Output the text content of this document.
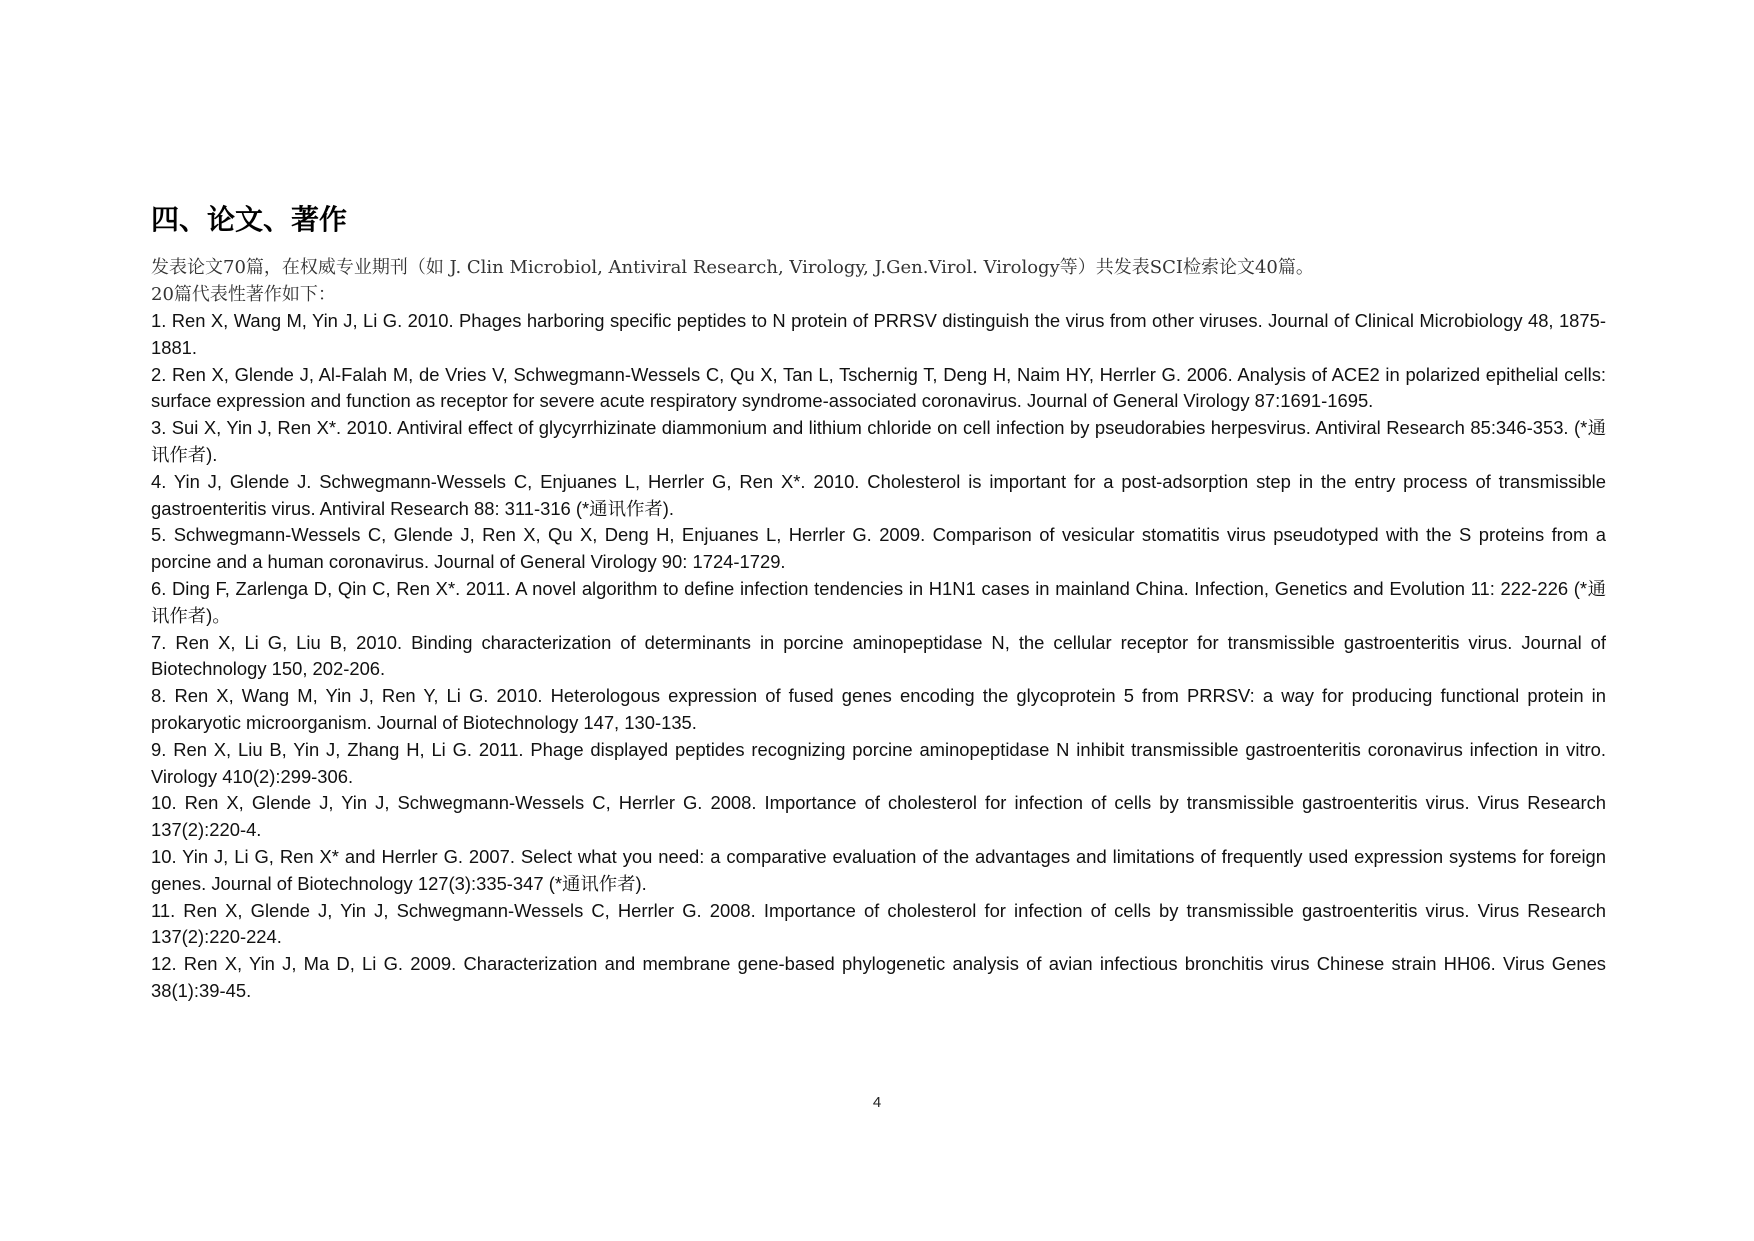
四、论文、著作

发表论文70篇，在权威专业期刊（如 J. Clin Microbiol, Antiviral Research, Virology, J.Gen.Virol. Virology等）共发表SCI检索论文40篇。
20篇代表性著作如下：

1. Ren X, Wang M, Yin J, Li G. 2010. Phages harboring specific peptides to N protein of PRRSV distinguish the virus from other viruses. Journal of Clinical Microbiology 48, 1875-1881.
2. Ren X, Glende J, Al-Falah M, de Vries V, Schwegmann-Wessels C, Qu X, Tan L, Tschernig T, Deng H, Naim HY, Herrler G. 2006. Analysis of ACE2 in polarized epithelial cells: surface expression and function as receptor for severe acute respiratory syndrome-associated coronavirus. Journal of General Virology 87:1691-1695.
3. Sui X, Yin J, Ren X*. 2010. Antiviral effect of glycyrrhizinate diammonium and lithium chloride on cell infection by pseudorabies herpesvirus. Antiviral Research 85:346-353. (*通讯作者).
4. Yin J, Glende J. Schwegmann-Wessels C, Enjuanes L, Herrler G, Ren X*. 2010. Cholesterol is important for a post-adsorption step in the entry process of transmissible gastroenteritis virus. Antiviral Research 88: 311-316 (*通讯作者).
5. Schwegmann-Wessels C, Glende J, Ren X, Qu X, Deng H, Enjuanes L, Herrler G. 2009. Comparison of vesicular stomatitis virus pseudotyped with the S proteins from a porcine and a human coronavirus. Journal of General Virology 90: 1724-1729.
6. Ding F, Zarlenga D, Qin C, Ren X*. 2011. A novel algorithm to define infection tendencies in H1N1 cases in mainland China. Infection, Genetics and Evolution 11: 222-226 (*通讯作者)。
7. Ren X, Li G, Liu B, 2010. Binding characterization of determinants in porcine aminopeptidase N, the cellular receptor for transmissible gastroenteritis virus. Journal of Biotechnology 150, 202-206.
8. Ren X, Wang M, Yin J, Ren Y, Li G. 2010. Heterologous expression of fused genes encoding the glycoprotein 5 from PRRSV: a way for producing functional protein in prokaryotic microorganism. Journal of Biotechnology 147, 130-135.
9. Ren X, Liu B, Yin J, Zhang H, Li G. 2011. Phage displayed peptides recognizing porcine aminopeptidase N inhibit transmissible gastroenteritis coronavirus infection in vitro. Virology 410(2):299-306.
10. Ren X, Glende J, Yin J, Schwegmann-Wessels C, Herrler G. 2008. Importance of cholesterol for infection of cells by transmissible gastroenteritis virus. Virus Research 137(2):220-4.
10. Yin J, Li G, Ren X* and Herrler G. 2007. Select what you need: a comparative evaluation of the advantages and limitations of frequently used expression systems for foreign genes. Journal of Biotechnology 127(3):335-347 (*通讯作者).
11. Ren X, Glende J, Yin J, Schwegmann-Wessels C, Herrler G. 2008. Importance of cholesterol for infection of cells by transmissible gastroenteritis virus. Virus Research 137(2):220-224.
12. Ren X, Yin J, Ma D, Li G. 2009. Characterization and membrane gene-based phylogenetic analysis of avian infectious bronchitis virus Chinese strain HH06. Virus Genes 38(1):39-45.

4
